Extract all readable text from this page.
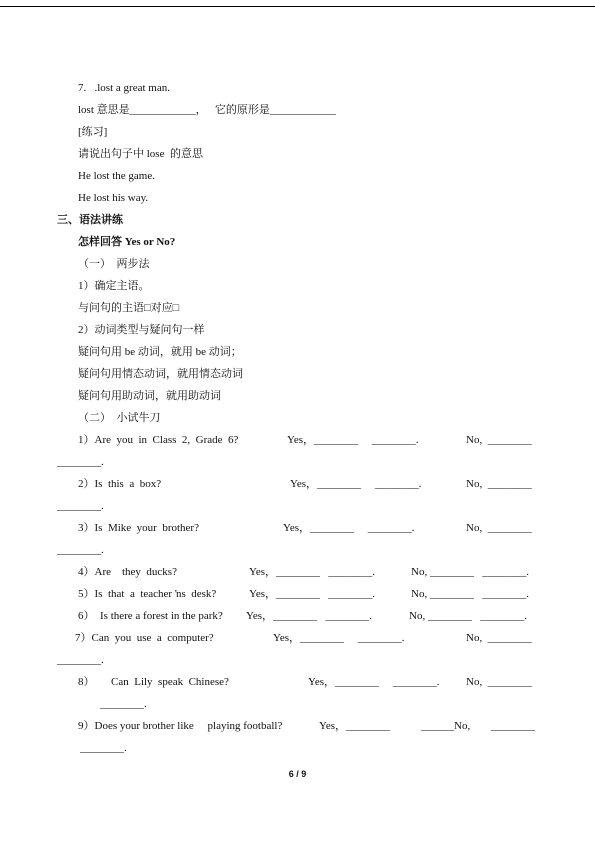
7.   .lost a great man.
lost 意思是____________，   它的原形是____________
[练习]
请说出句子中 lose  的意思
He lost the game.
He lost his way.
三、语法讲练
怎样回答 Yes or No?
（一）  两步法
1）确定主语。
与问句的主语□对应□
2）动词类型与疑问句一样
疑问句用 be 动词，就用 be 动词；
疑问句用情态动词，就用情态动词
疑问句用助动词，就用助动词
（二）  小试牛刀
1）Are  you  in  Class  2,  Grade  6?	Yes，________     ________.	No,  ________
________.
2）Is  this  a  box?	Yes，________     ________.	No,  ________
________.
3）Is  Mike  your  brother?	Yes，________     ________.	No,  ________
________.
4）Are    they  ducks?	Yes，________   ________.	No, ________   ________.
5）Is  that  a  teacher ŉs  desk?	Yes，________   ________.	No, ________   ________.
6）  Is there a forest in the park? Yes，________   ________.	No, ________   ________.
7）Can  you  use  a  computer?	Yes，________     ________.	No,  ________
________.
8）      Can  Lily  speak  Chinese?	Yes，________     ________. No,  ________
________.
9）Does your brother like     playing football?	Yes，________	______No, ________
________.
6 / 9
